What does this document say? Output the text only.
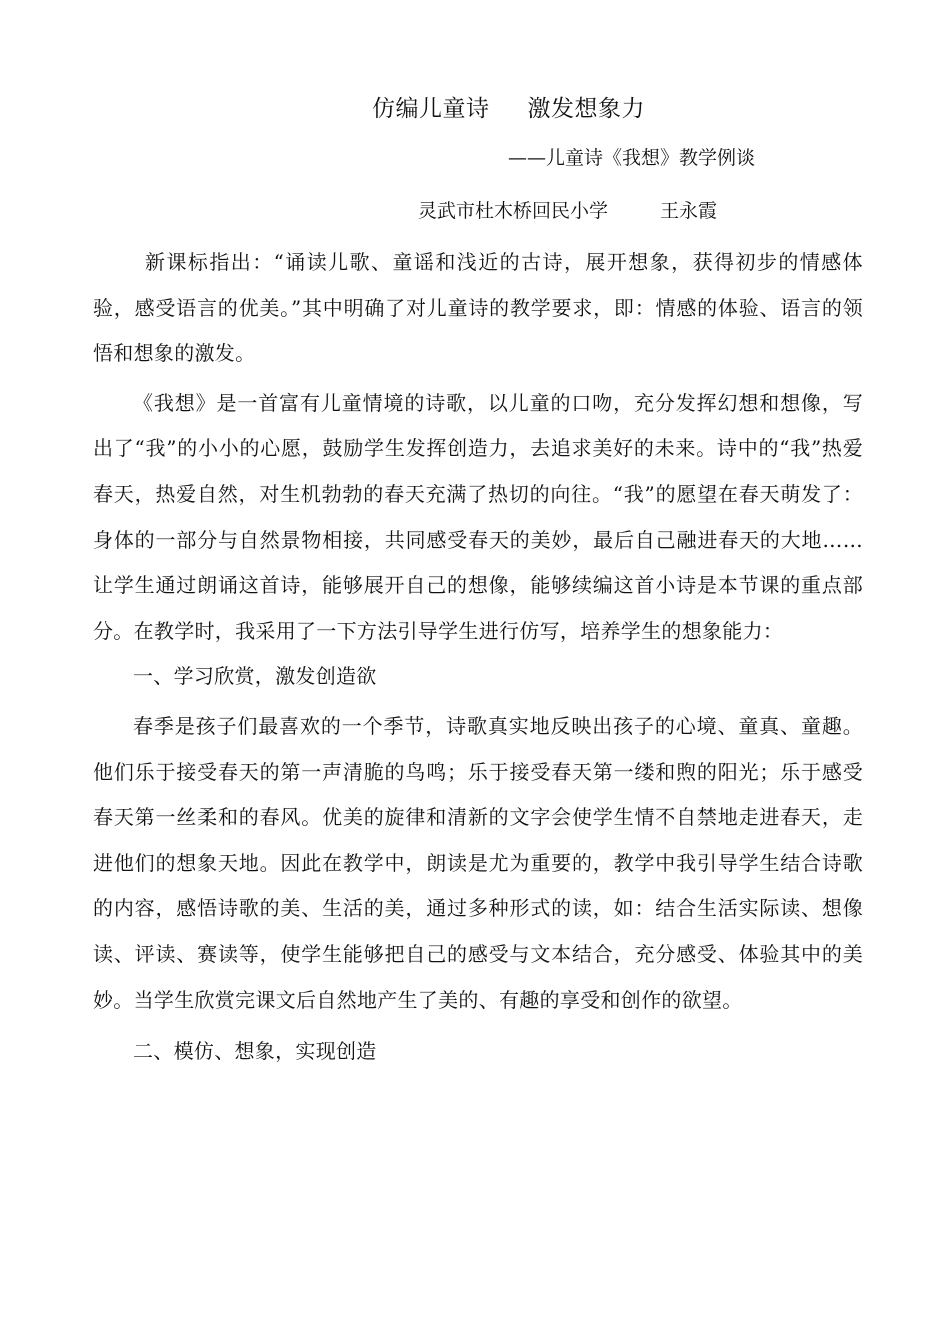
仿编儿童诗 激发想象力
——儿童诗《我想》教学例谈
灵武市杜木桥回民小学	王永霞

新课标指出：“诵读儿歌、童谣和浅近的古诗，展开想象，获得初步的情感体验，感受语言的优美。”其中明确了对儿童诗的教学要求，即：情感的体验、语言的领悟和想象的激发。

《我想》是一首富有儿童情境的诗歌，以儿童的口吻，充分发挥幻想和想像，写出了“我”的小小的心愿，鼓励学生发挥创造力，去追求美好的未来。诗中的“我”热爱春天，热爱自然，对生机勃勃的春天充满了热切的向往。“我”的愿望在春天萌发了：身体的一部分与自然景物相接，共同感受春天的美妙，最后自己融进春天的大地……让学生通过朗诵这首诗，能够展开自己的想像，能够续编这首小诗是本节课的重点部分。在教学时，我采用了一下方法引导学生进行仿写，培养学生的想象能力：

一、学习欣赏，激发创造欲

春季是孩子们最喜欢的一个季节，诗歌真实地反映出孩子的心境、童真、童趣。他们乐于接受春天的第一声清脆的鸟鸣；乐于接受春天第一缕和煦的阳光；乐于感受春天第一丝柔和的春风。优美的旋律和清新的文字会使学生情不自禁地走进春天，走进他们的想象天地。因此在教学中，朗读是尤为重要的，教学中我引导学生结合诗歌的内容，感悟诗歌的美、生活的美，通过多种形式的读，如：结合生活实际读、想像读、评读、赛读等，使学生能够把自己的感受与文本结合，充分感受、体验其中的美妙。当学生欣赏完课文后自然地产生了美的、有趣的享受和创作的欲望。

二、模仿、想象，实现创造
